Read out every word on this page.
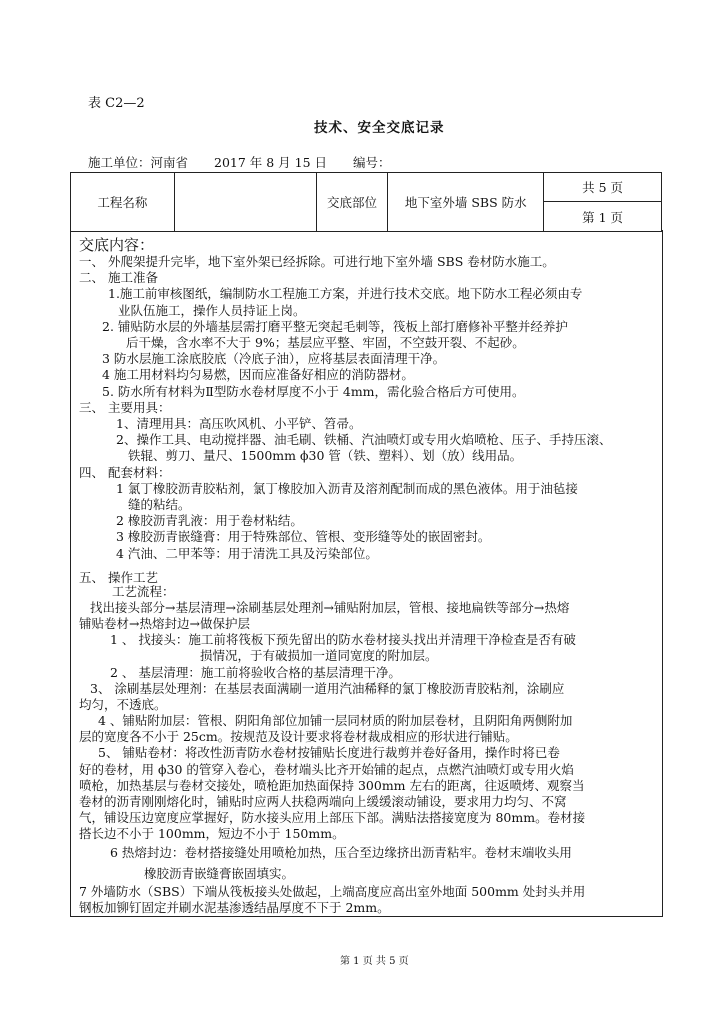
表 C2—2
技术、安全交底记录
施工单位：河南省 2017 年 8 月 15 日 编号：
工程名称		交底部位	地下室外墙 SBS 防水	共 5 页
第 1 页
交底内容：
一、 外爬架提升完毕，地下室外架已经拆除。可进行地下室外墙 SBS 卷材防水施工。
二、 施工准备
1.施工前审核图纸，编制防水工程施工方案，并进行技术交底。地下防水工程必须由专
业队伍施工，操作人员持证上岗。
2. 铺贴防水层的外墙基层需打磨平整无突起毛刺等，筏板上部打磨修补平整并经养护
后干燥，含水率不大于 9%；基层应平整、牢固，不空鼓开裂、不起砂。
3 防水层施工涂底胶底（冷底子油），应将基层表面清理干净。
4 施工用材料均匀易燃，因而应准备好相应的消防器材。
5. 防水所有材料为Ⅱ型防水卷材厚度不小于 4mm，需化验合格后方可使用。
三、 主要用具：
1、清理用具：高压吹风机、小平铲、笤帚。
2、操作工具、电动搅拌器、油毛刷、铁桶、汽油喷灯或专用火焰喷枪、压子、手持压滚、
铁辊、剪刀、量尺、1500mm ϕ30 管（铁、塑料）、划（放）线用品。
四、 配套材料：
1 氯丁橡胶沥青胶粘剂，氯丁橡胶加入沥青及溶剂配制而成的黑色液体。用于油毡接
缝的粘结。
2 橡胶沥青乳液：用于卷材粘结。
3 橡胶沥青嵌缝膏：用于特殊部位、管根、变形缝等处的嵌固密封。
4 汽油、二甲苯等：用于清洗工具及污染部位。
五、 操作工艺
工艺流程：
找出接头部分→基层清理→涂刷基层处理剂→铺贴附加层，管根、接地扁铁等部分→热熔
铺贴卷材→热熔封边→做保护层
1 、 找接头：施工前将筏板下预先留出的防水卷材接头找出并清理干净检查是否有破
损情况，于有破损加一道同宽度的附加层。
2 、 基层清理：施工前将验收合格的基层清理干净。
3、 涂刷基层处理剂：在基层表面满刷一道用汽油稀释的氯丁橡胶沥青胶粘剂，涂刷应
均匀，不透底。
4 、铺贴附加层：管根、阴阳角部位加铺一层同材质的附加层卷材，且阴阳角两侧附加
层的宽度各不小于 25cm。按规范及设计要求将卷材裁成相应的形状进行铺贴。
5、 铺贴卷材：将改性沥青防水卷材按铺贴长度进行裁剪并卷好备用，操作时将已卷
好的卷材，用 ϕ30 的管穿入卷心，卷材端头比齐开始铺的起点，点燃汽油喷灯或专用火焰
喷枪，加热基层与卷材交接处，喷枪距加热面保持 300mm 左右的距离，往返喷烤、观察当
卷材的沥青刚刚熔化时，铺贴时应两人扶稳两端向上缓缓滚动铺设，要求用力均匀、不窝
气，铺设压边宽度应掌握好，防水接头应用上部压下部。满贴法搭接宽度为 80mm。卷材接
搭长边不小于 100mm，短边不小于 150mm。
6 热熔封边：卷材搭接缝处用喷枪加热，压合至边缘挤出沥青粘牢。卷材末端收头用
橡胶沥青嵌缝膏嵌固填实。
7 外墙防水（SBS）下端从筏板接头处做起，上端高度应高出室外地面 500mm 处封头并用
钢板加铆钉固定并刷水泥基渗透结晶厚度不下于 2mm。
第 1 页 共 5 页
